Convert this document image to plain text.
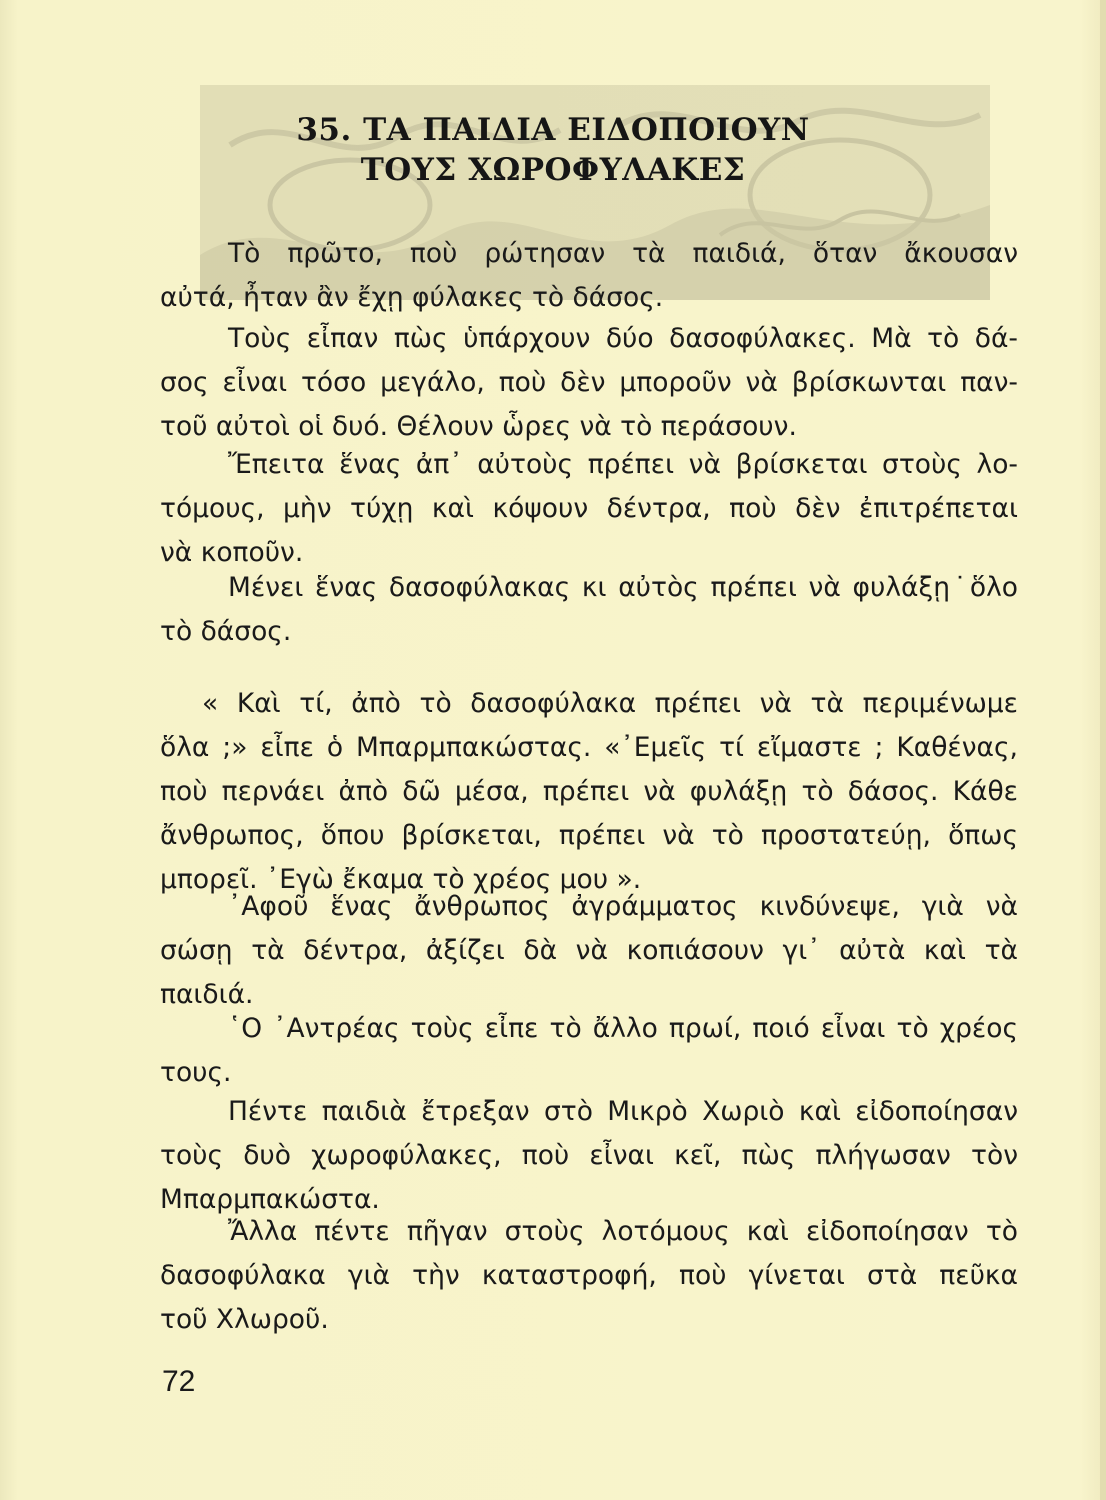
35. ΤΑ ΠΑΙΔΙΑ ΕΙΔΟΠΟΙΟΥΝ
ΤΟΥΣ ΧΩΡΟΦΥΛΑΚΕΣ
Τὸ πρῶτο, ποὺ ρώτησαν τὰ παιδιά, ὅταν ἄκουσαν
αὐτά, ἦταν ἂν ἔχῃ φύλακες τὸ δάσος.
Τοὺς εἶπαν πὼς ὑπάρχουν δύο δασοφύλακες. Μὰ τὸ δά-
σος εἶναι τόσο μεγάλο, ποὺ δὲν μποροῦν νὰ βρίσκωνται παν-
τοῦ αὐτοὶ οἱ δυό. Θέλουν ὧρες νὰ τὸ περάσουν.
Ἔπειτα ἕνας ἀπ᾽ αὐτοὺς πρέπει νὰ βρίσκεται στοὺς λο-
τόμους, μὴν τύχῃ καὶ κόψουν δέντρα, ποὺ δὲν ἐπιτρέπεται
νὰ κοποῦν.
Μένει ἕνας δασοφύλακας κι αὐτὸς πρέπει νὰ φυλάξῃ˙ὅλο
τὸ δάσος.
« Καὶ τί, ἀπὸ τὸ δασοφύλακα πρέπει νὰ τὰ περιμένωμε
ὅλα ;» εἶπε ὁ Μπαρμπακώστας. «᾽Εμεῖς τί εἴμαστε ; Καθένας,
ποὺ περνάει ἀπὸ δῶ μέσα, πρέπει νὰ φυλάξῃ τὸ δάσος. Κάθε
ἄνθρωπος, ὅπου βρίσκεται, πρέπει νὰ τὸ προστατεύῃ, ὅπως
μπορεῖ. ᾽Εγὼ ἔκαμα τὸ χρέος μου ».
᾽Αφοῦ ἕνας ἄνθρωπος ἀγράμματος κινδύνεψε, γιὰ νὰ
σώσῃ τὰ δέντρα, ἀξίζει δὰ νὰ κοπιάσουν γι᾽ αὐτὰ καὶ τὰ
παιδιά.
῾Ο ᾽Αντρέας τοὺς εἶπε τὸ ἄλλο πρωί, ποιό εἶναι τὸ χρέος
τους.
Πέντε παιδιὰ ἔτρεξαν στὸ Μικρὸ Χωριὸ καὶ εἰδοποίησαν
τοὺς δυὸ χωροφύλακες, ποὺ εἶναι κεῖ, πὼς πλήγωσαν τὸν
Μπαρμπακώστα.
Ἄλλα πέντε πῆγαν στοὺς λοτόμους καὶ εἰδοποίησαν τὸ
δασοφύλακα γιὰ τὴν καταστροφή, ποὺ γίνεται στὰ πεῦκα
τοῦ Χλωροῦ.
72
